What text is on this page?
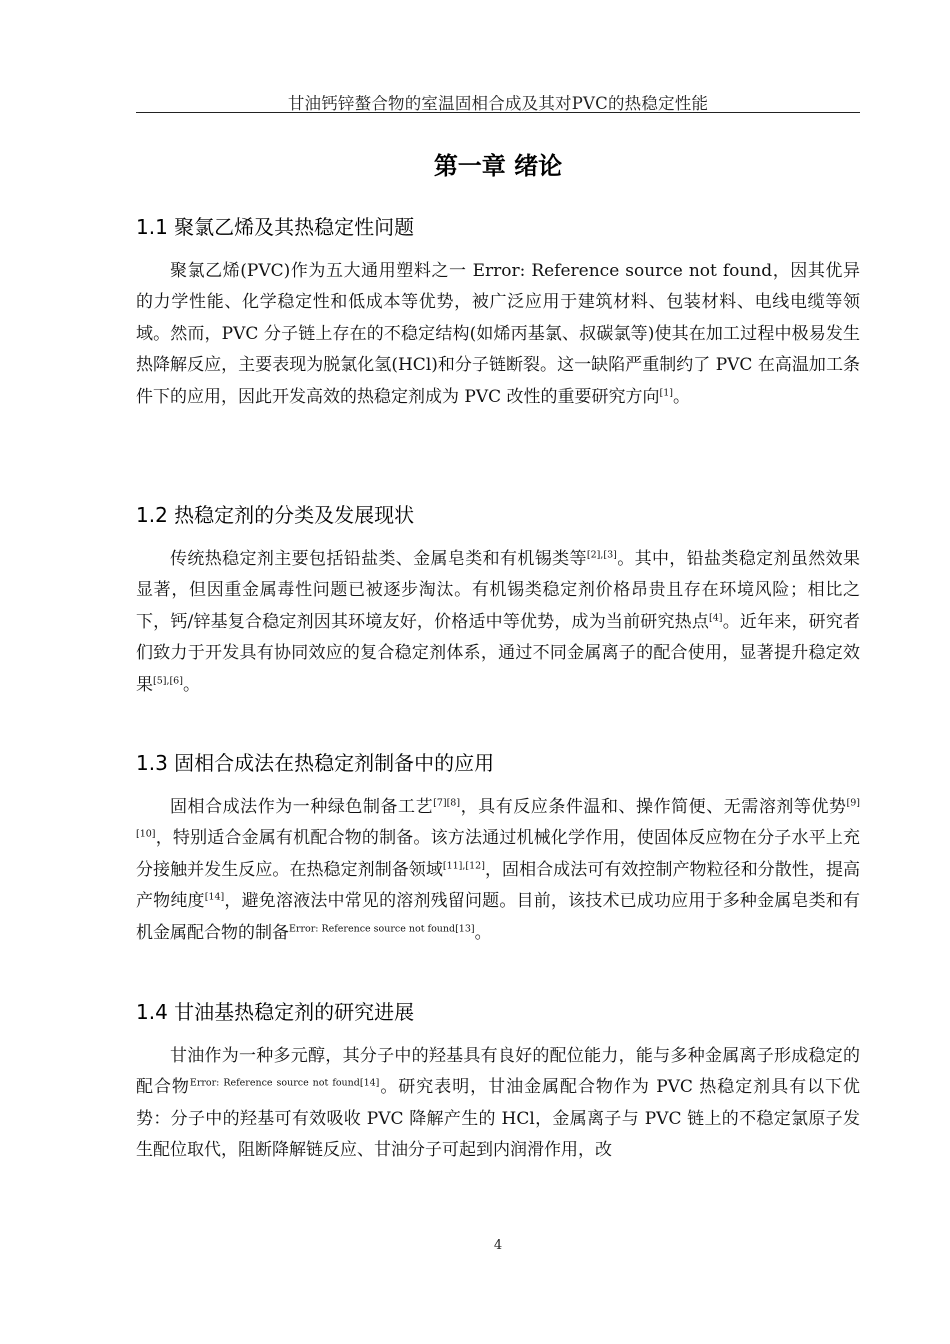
甘油钙锌螯合物的室温固相合成及其对PVC的热稳定性能
第一章 绪论
1.1 聚氯乙烯及其热稳定性问题

聚氯乙烯(PVC)作为五大通用塑料之一 Error: Reference source not found，因其优异的力学性能、化学稳定性和低成本等优势，被广泛应用于建筑材料、包装材料、电线电缆等领域。然而，PVC 分子链上存在的不稳定结构(如烯丙基氯、叔碳氯等)使其在加工过程中极易发生热降解反应，主要表现为脱氯化氢(HCl)和分子链断裂。这一缺陷严重制约了 PVC 在高温加工条件下的应用，因此开发高效的热稳定剂成为 PVC 改性的重要研究方向[1]。

1.2 热稳定剂的分类及发展现状

传统热稳定剂主要包括铅盐类、金属皂类和有机锡类等[2],[3]。其中，铅盐类稳定剂虽然效果显著，但因重金属毒性问题已被逐步淘汰。有机锡类稳定剂价格昂贵且存在环境风险；相比之下，钙/锌基复合稳定剂因其环境友好，价格适中等优势，成为当前研究热点[4]。近年来，研究者们致力于开发具有协同效应的复合稳定剂体系，通过不同金属离子的配合使用，显著提升稳定效果[5],[6]。

1.3 固相合成法在热稳定剂制备中的应用

固相合成法作为一种绿色制备工艺[7][8]，具有反应条件温和、操作简便、无需溶剂等优势[9][10]，特别适合金属有机配合物的制备。该方法通过机械化学作用，使固体反应物在分子水平上充分接触并发生反应。在热稳定剂制备领域[11],[12]，固相合成法可有效控制产物粒径和分散性，提高产物纯度[14]，避免溶液法中常见的溶剂残留问题。目前，该技术已成功应用于多种金属皂类和有机金属配合物的制备$^{Error: Reference source not found[13]}$。

1.4 甘油基热稳定剂的研究进展

甘油作为一种多元醇，其分子中的羟基具有良好的配位能力，能与多种金属离子形成稳定的配合物$^{Error: Reference source not found[14]}$。研究表明，甘油金属配合物作为 PVC 热稳定剂具有以下优势：分子中的羟基可有效吸收 PVC 降解产生的 HCl，金属离子与 PVC 链上的不稳定氯原子发生配位取代，阻断降解链反应、甘油分子可起到内润滑作用，改

4
